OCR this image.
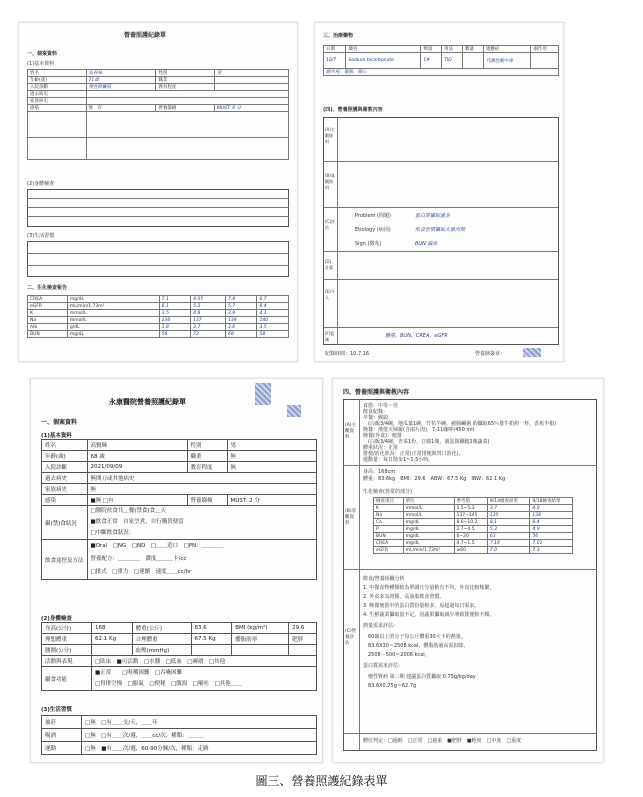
營養照護紀錄單
一、個案資料
(1)基本資料
姓名	吳春妹	性別	男
年齡(歲)	71歲	職業	
入院診斷	慢性腎臟病	教育程度	
過去病史			
家族病史			
感染	無　有	營養篩檢	MUST: 0 分

(2)身體檢查
(3)生活習慣
二、生化檢查報告
CREA	mg/dL	7.1	8.05	7.4	6.7
eGFR	mL/min/1.73m²	6.1	5.3	5.7	6.4
K	mmol/L	3.5	4.8	3.9	4.1
Na	mmol/L	136	137	139	140
Alb	g/dL	3.8	3.7	3.6	3.5
BUN	mg/dL	56	72	69	58
三、治療藥物
日期	藥名	劑量	用法	數量	適應症	副作用
10/7	Sodium bicarbonate	1#	TID		代謝性酸中毒	
副作用：腹脹、噁心						
(四)、營養照護與衛教內容
(A)主觀資料
(B)客觀資料
(C)評估
Problem (問題)	蛋白質攝取過多
Etiology (病因)	飲食習慣攝取大量肉類
Sign (徵兆)	BUN 偏高
(D)計畫
(E)介入
(F)監測
體重、BUN、CREA、eGFR
紀錄時間：10.7.16	營養師簽章：
永康醫院營養照護紀錄單
一、個案資料
(1)基本資料
姓名	高賢輝	性別	男
年齡(歲)	68 歲	職業	無
入院診斷	2021/09/09	教育程度	無
過去病史	無開刀或其他病史		
家族病史	無		
感染	■無 □有	營養篩檢	MUST: 2 分
攝(禁)食狀況	□醫院伙食共＿餐(禁食)食＿天
■飲食正常　自家烹煮，自行購買便當
□中斷飲食狀況：		

飲食途徑及方法	■Oral　□NG　□ND　□＿＿造口　□PN：＿＿＿＿
營養配方：＿＿＿＿　濃度＿＿＿卡/cc
□批式　□重力　□連續　速度＿＿cc/hr		
(2)身體檢查
身高(公分)	168	體重(公斤)	83.6	BMI (kg/m²)	29.6
理想體重	62.1 Kg	合理體重	67.5 Kg	體脂肪率	肥胖
腰圍(公分)		血壓(mmHg)			
活動與表現	□臥床　■可活動　□水腫　□低血　□褥瘡　□其他				
攝食功能	■正常　　□咀嚼困難　□吞嚥困難
□胃排空慢　□脹氣　□便秘　□腹瀉　□嘔吐　□其他＿＿				
(3)生活習慣
抽菸	□無　□有＿＿支/天，＿＿年
喝酒	□無　□有＿＿次/週，＿＿cc/次，種類：＿＿＿
運動	□無　■有＿＿次/週，60-90分鐘/次，種類：走路
四、營養照護與衛教內容
(A)主觀資料
食慾：中等～佳
飲食紀錄：
早餐：饅頭
　(白飯3/4碗，地瓜葉1碗，竹筍半碗，豬腸鹹粥 約攝取65％量牛奶約一杯，香蕉半根)
晚餐：漢堡天婦羅(含兩片肉)，7-11咖啡(450 ml)
晚餐(外食)：便當
　(白飯3/4碗，青菜1份，豆腐1塊，滷蛋與雞腿2塊蔬菜)
體重狀況：正常
排便/消化狀況：正常(正常排便與胃口消化)。
運動量：每日散步1~1.5小時。
(B)客觀資料
身高：168cm
體重：83.6kg　BMI：29.6　ABW：67.5 Kg　IBW：62.1 Kg
生化檢查(異常的部分)
檢查項目	單位	參考值	9/14檢查結果	9/18檢查結果
K	mmol/L	3.5~5.3	3.7	4.0
Na	mmol/L	137~145	135	138
Ca	mg/dL	8.6~10.2	8.1	8.4
P	mg/dL	2.7~4.5	5.3	4.9
BUN	mg/dL	6~20	63	56
CREA	mg/dL	0.7~1.5	7.16	7.01
eGFR	mL/min/1.73m²	≥60	7.0	7.3
(C)營養評估
飲食/營養相關分析
1. 中餐食物種類較為單調且分量稍有不均，外食比較頻繁。
2. 外食多為肉類，高油脂飲食習慣。
3. 晚餐便當中的蛋白質份量較多，易超過每日需求。
4. 生鮮蔬菜攝取量不足，因蔬果攝取減少導致排便較不順。
熱量需求評估：
　60歲以上的分子每公斤體重30大卡的熱量。
　83.6X30＝2508 kcal，體脂肪過高需扣除，
　2508－500＝2008 kcal。
蛋白質需求評估：
　慢性腎病 第三期 建議蛋白質攝取 0.75g/kg/day
　83.6X0.75g＝62.7g
體位判定：□過輕　□正常　□過重　■肥胖　■輕度　□中度　□重度
圖三、營養照護紀錄表單
